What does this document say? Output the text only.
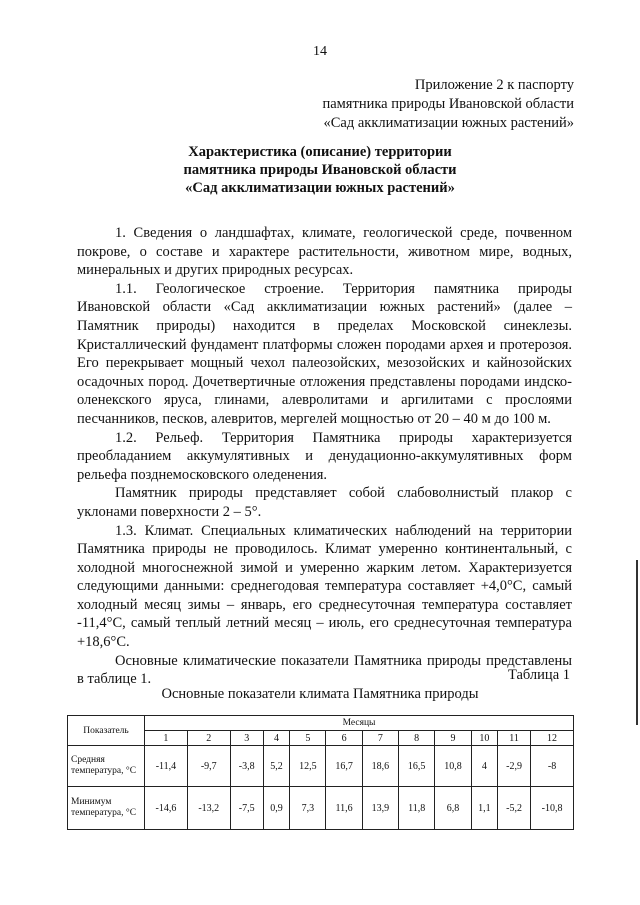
14
Приложение 2 к паспорту
памятника природы Ивановской области
«Сад акклиматизации южных растений»
Характеристика (описание) территории
памятника природы Ивановской области
«Сад акклиматизации южных растений»

1. Сведения о ландшафтах, климате, геологической среде, почвенном покрове, о составе и характере растительности, животном мире, водных, минеральных и других природных ресурсах.

1.1. Геологическое строение. Территория памятника природы Ивановской области «Сад акклиматизации южных растений» (далее – Памятник природы) находится в пределах Московской синеклезы. Кристаллический фундамент платформы сложен породами архея и протерозоя. Его перекрывает мощный чехол палеозойских, мезозойских и кайнозойских осадочных пород. Дочетвертичные отложения представлены породами индско-оленекского яруса, глинами, алевролитами и аргилитами с прослоями песчанников, песков, алевритов, мергелей мощностью от 20 – 40 м до 100 м.

1.2. Рельеф. Территория Памятника природы характеризуется преобладанием аккумулятивных и денудационно-аккумулятивных форм рельефа позднемосковского оледенения.

Памятник природы представляет собой слабоволнистый плакор с уклонами поверхности 2 – 5°.

1.3. Климат. Специальных климатических наблюдений на территории Памятника природы не проводилось. Климат умеренно континентальный, с холодной многоснежной зимой и умеренно жарким летом. Характеризуется следующими данными: среднегодовая температура составляет +4,0°С, самый холодный месяц зимы – январь, его среднесуточная температура составляет -11,4°С, самый теплый летний месяц – июль, его среднесуточная температура +18,6°С.

Основные климатические показатели Памятника природы представлены в таблице 1.	Таблица 1
Основные показатели климата Памятника природы
Показатель	Месяцы											
	1	2	3	4	5	6	7	8	9	10	11	12
Средняя температура, °С	-11,4	-9,7	-3,8	5,2	12,5	16,7	18,6	16,5	10,8	4	-2,9	-8
Минимум температура, °С	-14,6	-13,2	-7,5	0,9	7,3	11,6	13,9	11,8	6,8	1,1	-5,2	-10,8
